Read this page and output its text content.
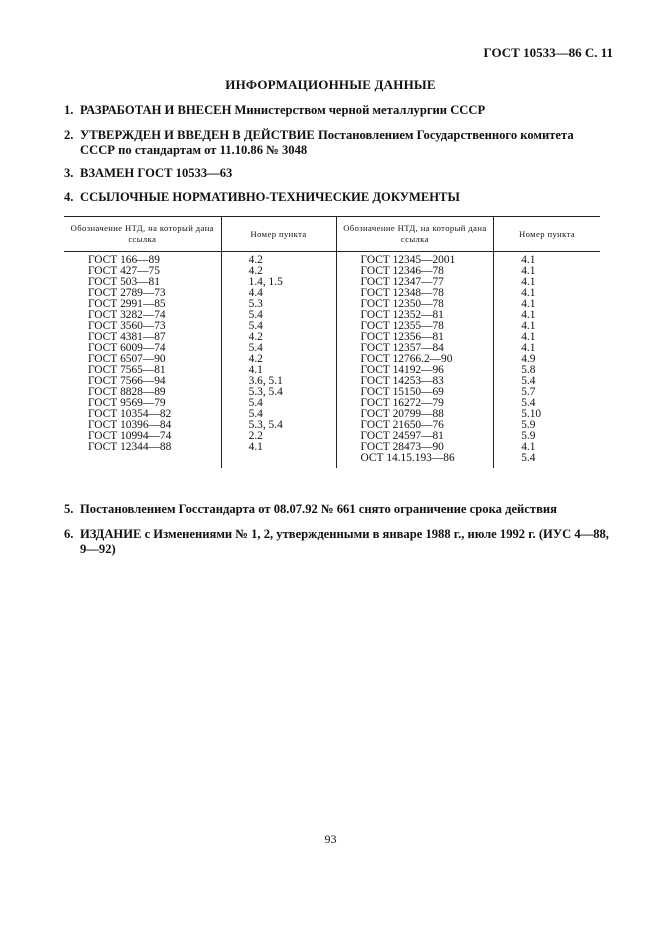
ГОСТ 10533—86 С. 11
ИНФОРМАЦИОННЫЕ ДАННЫЕ
1. РАЗРАБОТАН И ВНЕСЕН Министерством черной металлургии СССР
2. УТВЕРЖДЕН И ВВЕДЕН В ДЕЙСТВИЕ Постановлением Государственного комитета СССР по стандартам от 11.10.86 № 3048
3. ВЗАМЕН ГОСТ 10533—63
4. ССЫЛОЧНЫЕ НОРМАТИВНО-ТЕХНИЧЕСКИЕ ДОКУМЕНТЫ
Обозначение НТД, на который дана ссылка	Номер пункта	Обозначение НТД, на который дана ссылка	Номер пункта
ГОСТ 166—89	4.2	ГОСТ 12345—2001	4.1
ГОСТ 427—75	4.2	ГОСТ 12346—78	4.1
ГОСТ 503—81	1.4, 1.5	ГОСТ 12347—77	4.1
ГОСТ 2789—73	4.4	ГОСТ 12348—78	4.1
ГОСТ 2991—85	5.3	ГОСТ 12350—78	4.1
ГОСТ 3282—74	5.4	ГОСТ 12352—81	4.1
ГОСТ 3560—73	5.4	ГОСТ 12355—78	4.1
ГОСТ 4381—87	4.2	ГОСТ 12356—81	4.1
ГОСТ 6009—74	5.4	ГОСТ 12357—84	4.1
ГОСТ 6507—90	4.2	ГОСТ 12766.2—90	4.9
ГОСТ 7565—81	4.1	ГОСТ 14192—96	5.8
ГОСТ 7566—94	3.6, 5.1	ГОСТ 14253—83	5.4
ГОСТ 8828—89	5.3, 5.4	ГОСТ 15150—69	5.7
ГОСТ 9569—79	5.4	ГОСТ 16272—79	5.4
ГОСТ 10354—82	5.4	ГОСТ 20799—88	5.10
ГОСТ 10396—84	5.3, 5.4	ГОСТ 21650—76	5.9
ГОСТ 10994—74	2.2	ГОСТ 24597—81	5.9
ГОСТ 12344—88	4.1	ГОСТ 28473—90	4.1
		ОСТ 14.15.193—86	5.4
5. Постановлением Госстандарта от 08.07.92 № 661 снято ограничение срока действия
6. ИЗДАНИЕ с Изменениями № 1, 2, утвержденными в январе 1988 г., июле 1992 г. (ИУС 4—88, 9—92)
93
